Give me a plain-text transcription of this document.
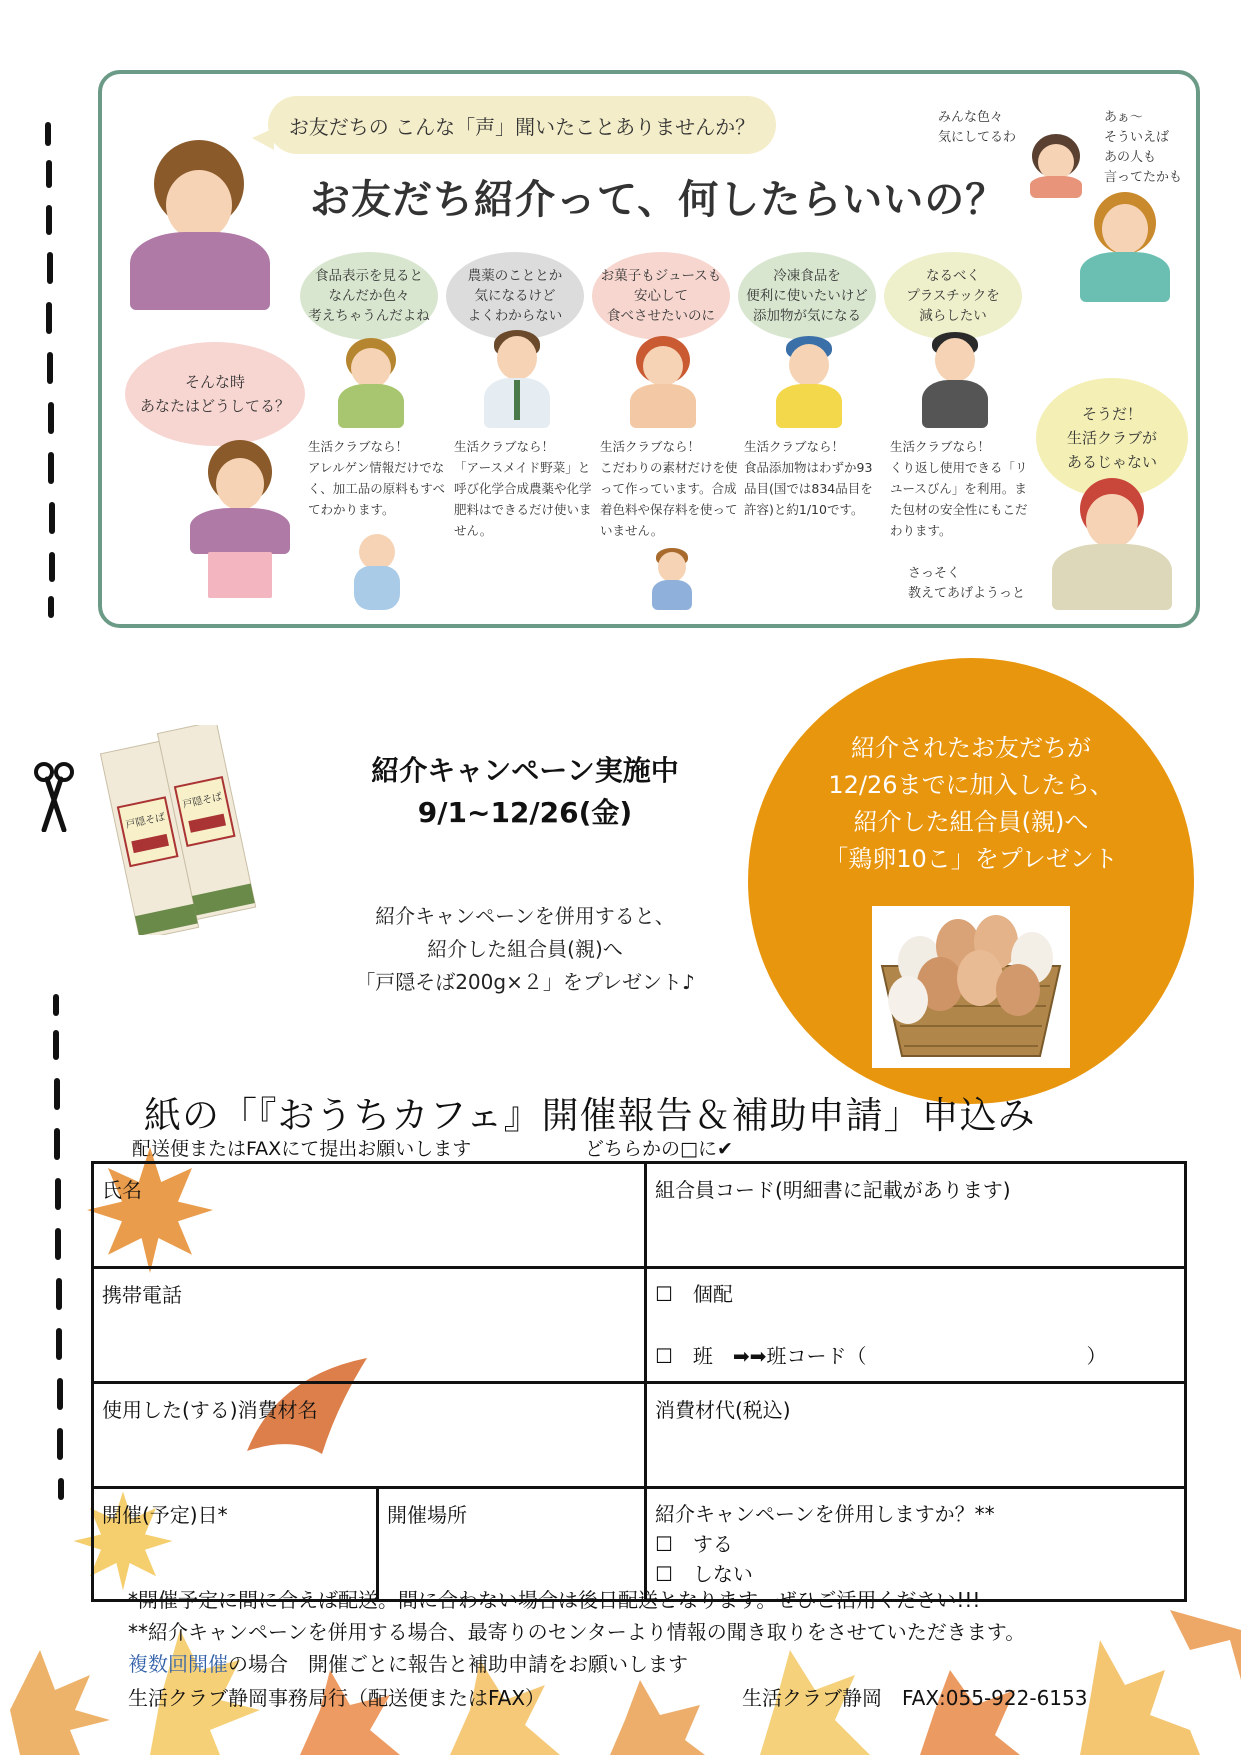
お友だちの こんな「声」聞いたことありませんか？
お友だち紹介って、何したらいいの？
そんな時
あなたはどうしてる？
みんな色々
気にしてるわ
あぁ～
そういえば
あの人も
言ってたかも
食品表示を見ると
なんだか色々
考えちゃうんだよね
農薬のこととか
気になるけど
よくわからない
お菓子もジュースも
安心して
食べさせたいのに
冷凍食品を
便利に使いたいけど
添加物が気になる
なるべく
プラスチックを
減らしたい
生活クラブなら！
アレルゲン情報だけでなく、加工品の原料もすべてわかります。
生活クラブなら！
「アースメイド野菜」と呼び化学合成農薬や化学肥料はできるだけ使いません。
生活クラブなら！
こだわりの素材だけを使って作っています。合成着色料や保存料を使っていません。
生活クラブなら！
食品添加物はわずか93品目(国では834品目を許容)と約1/10です。
生活クラブなら！
くり返し使用できる「リユースびん」を利用。また包材の安全性にもこだわります。
そうだ！
生活クラブが
あるじゃない
さっそく
教えてあげようっと
戸隠そば
戸隠そば
紹介キャンペーン実施中
9/1~12/26(金)
紹介キャンペーンを併用すると、
紹介した組合員(親)へ
「戸隠そば200g×２」をプレゼント♪
紹介されたお友だちが
12/26までに加入したら、
紹介した組合員(親)へ
「鶏卵10こ」をプレゼント
紙の「『おうちカフェ』開催報告＆補助申請」申込み
配送便またはFAXにて提出お願いします	どちらかの□に✔
氏名		組合員コード(明細書に記載があります)
携帯電話		☐　個配
☐　班　➡➡班コード（　　　　　　　　　　　）

使用した(する)消費材名		消費材代(税込)
開催(予定)日*	開催場所	紹介キャンペーンを併用しますか？**
☐　する
☐　しない
*開催予定に間に合えば配送。間に合わない場合は後日配送となります。ぜひご活用ください!!!
**紹介キャンペーンを併用する場合、最寄りのセンターより情報の聞き取りをさせていただきます。
複数回開催の場合　開催ごとに報告と補助申請をお願いします
生活クラブ静岡事務局行（配送便またはFAX）	生活クラブ静岡　FAX:055-922-6153
